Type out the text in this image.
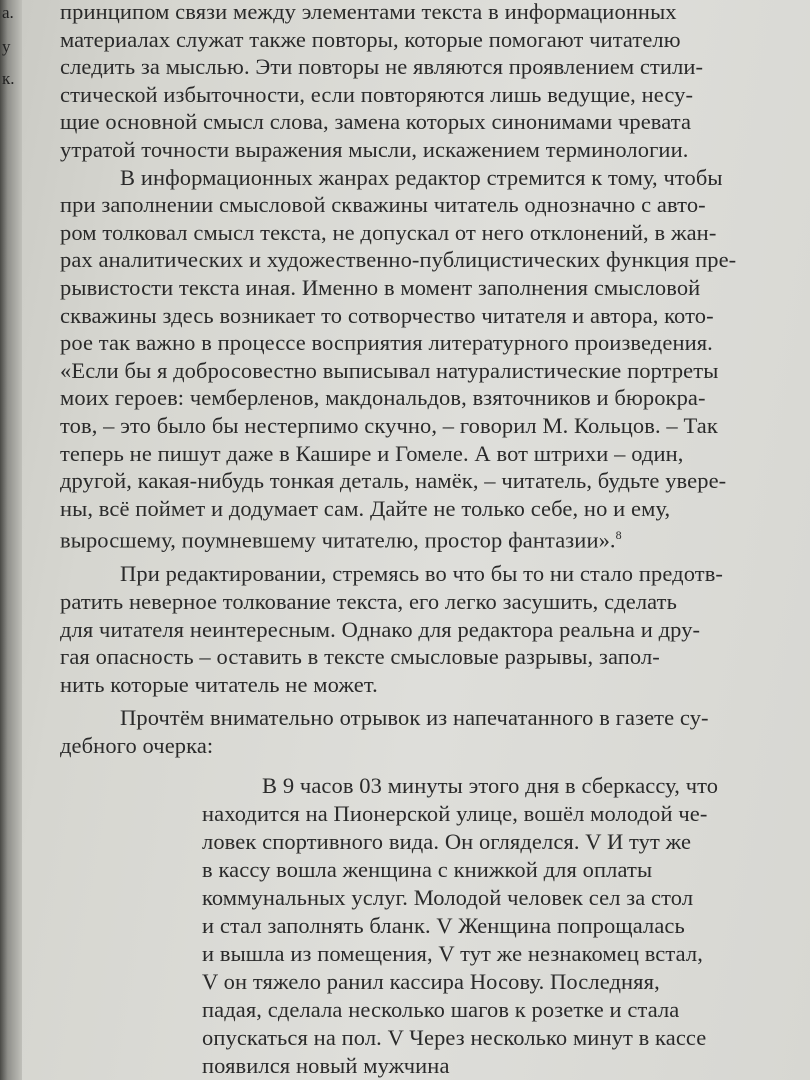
а.
у
к.

принципом связи между элементами текста в информационных
материалах служат также повторы, которые помогают читателю
следить за мыслью. Эти повторы не являются проявлением стили-
стической избыточности, если повторяются лишь ведущие, несу-
щие основной смысл слова, замена которых синонимами чревата
утратой точности выражения мысли, искажением терминологии.

В информационных жанрах редактор стремится к тому, чтобы
при заполнении смысловой скважины читатель однозначно с авто-
ром толковал смысл текста, не допускал от него отклонений, в жан-
рах аналитических и художественно-публицистических функция пре-
рывистости текста иная. Именно в момент заполнения смысловой
скважины здесь возникает то сотворчество читателя и автора, кото-
рое так важно в процессе восприятия литературного произведения.
«Если бы я добросовестно выписывал натуралистические портреты
моих героев: чемберленов, макдональдов, взяточников и бюрокра-
тов, – это было бы нестерпимо скучно, – говорил М. Кольцов. – Так
теперь не пишут даже в Кашире и Гомеле. А вот штрихи – один,
другой, какая-нибудь тонкая деталь, намёк, – читатель, будьте увере-
ны, всё поймет и додумает сам. Дайте не только себе, но и ему,
выросшему, поумневшему читателю, простор фантазии».$^8$

При редактировании, стремясь во что бы то ни стало предотв-
ратить неверное толкование текста, его легко засушить, сделать
для читателя неинтересным. Однако для редактора реальна и дру-
гая опасность – оставить в тексте смысловые разрывы, запол-
нить которые читатель не может.

Прочтём внимательно отрывок из напечатанного в газете су-
дебного очерка:

В 9 часов 03 минуты этого дня в сберкассу, что
находится на Пионерской улице, вошёл молодой че-
ловек спортивного вида. Он огляделся. V И тут же
в кассу вошла женщина с книжкой для оплаты
коммунальных услуг. Молодой человек сел за стол
и стал заполнять бланк. V Женщина попрощалась
и вышла из помещения, V тут же незнакомец встал,
V он тяжело ранил кассира Носову. Последняя,
падая, сделала несколько шагов к розетке и стала
опускаться на пол. V Через несколько минут в кассе
появился новый мужчина
